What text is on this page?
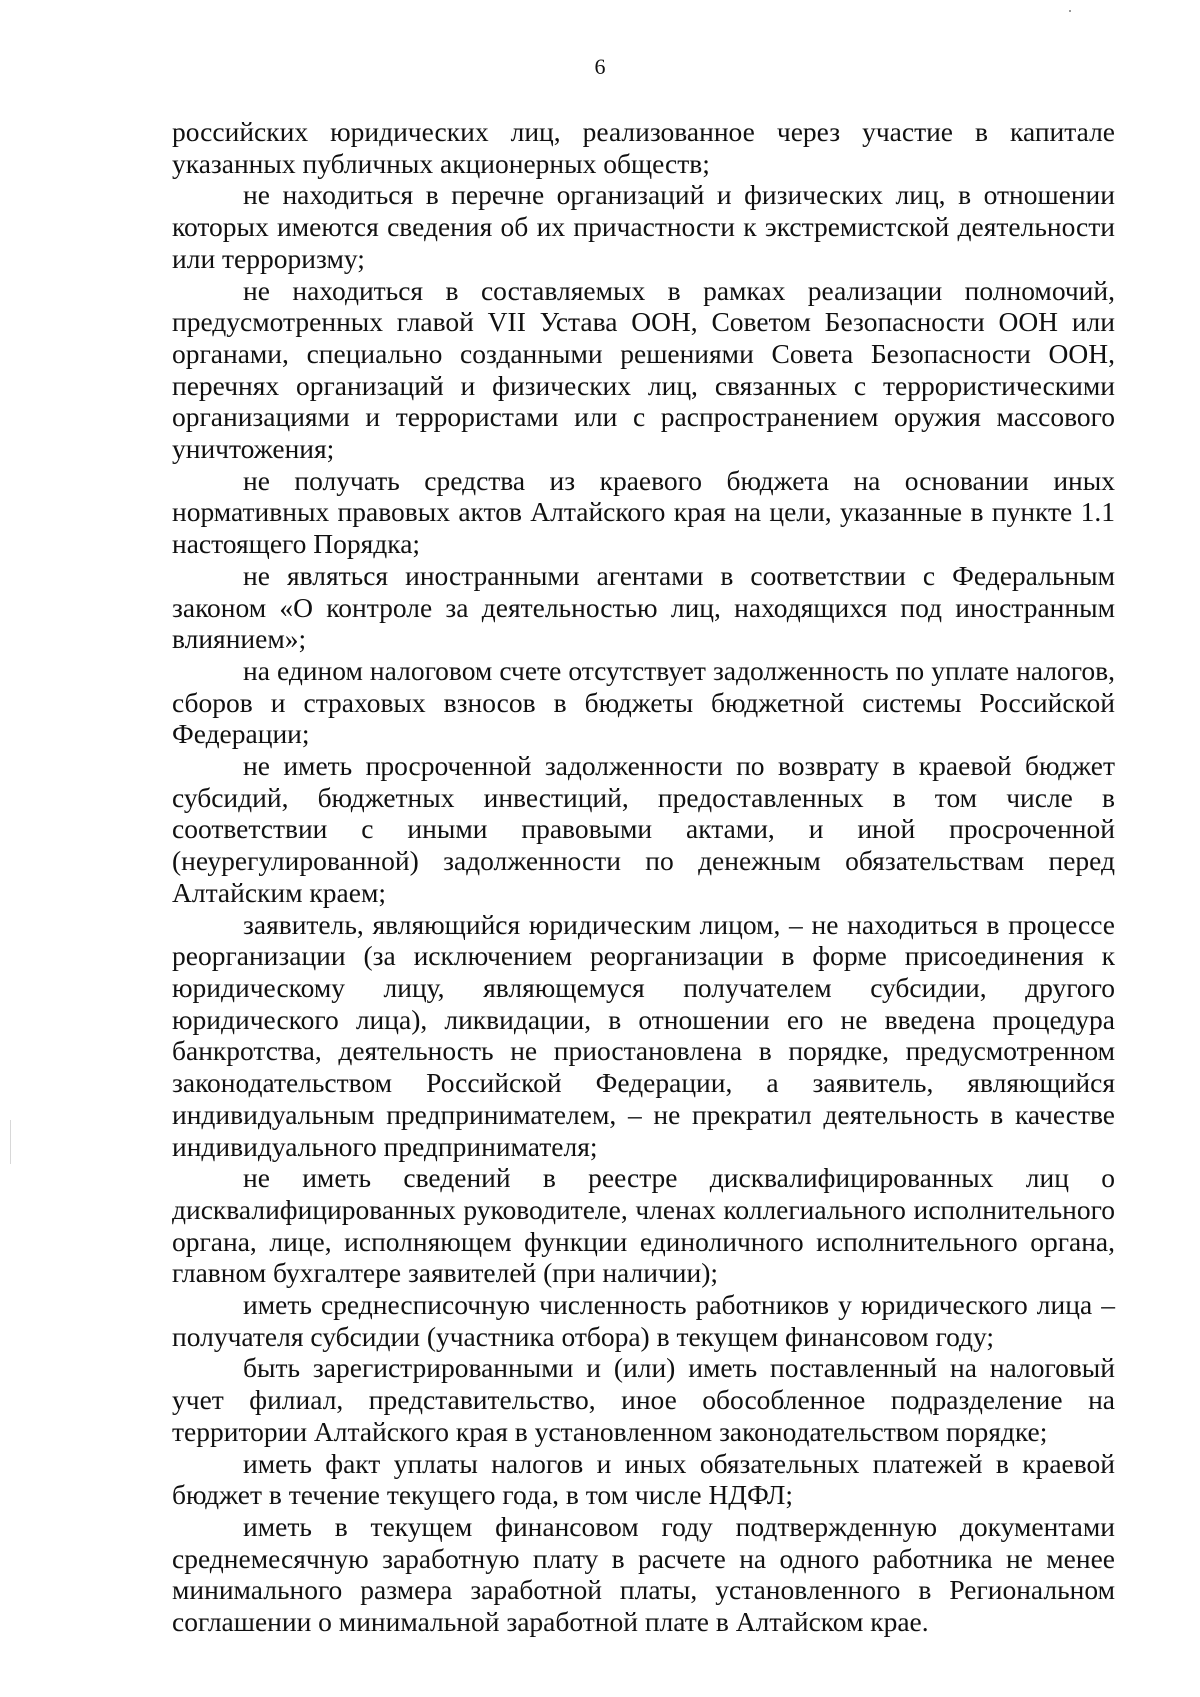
6

российских юридических лиц, реализованное через участие в капитале указанных публичных акционерных обществ;

не находиться в перечне организаций и физических лиц, в отношении которых имеются сведения об их причастности к экстремистской деятельности или терроризму;

не находиться в составляемых в рамках реализации полномочий, предусмотренных главой VII Устава ООН, Советом Безопасности ООН или органами, специально созданными решениями Совета Безопасности ООН, перечнях организаций и физических лиц, связанных с террористическими организациями и террористами или с распространением оружия массового уничтожения;

не получать средства из краевого бюджета на основании иных нормативных правовых актов Алтайского края на цели, указанные в пункте 1.1 настоящего Порядка;

не являться иностранными агентами в соответствии с Федеральным законом «О контроле за деятельностью лиц, находящихся под иностранным влиянием»;

на едином налоговом счете отсутствует задолженность по уплате налогов, сборов и страховых взносов в бюджеты бюджетной системы Российской Федерации;

не иметь просроченной задолженности по возврату в краевой бюджет субсидий, бюджетных инвестиций, предоставленных в том числе в соответствии с иными правовыми актами, и иной просроченной (неурегулированной) задолженности по денежным обязательствам перед Алтайским краем;

заявитель, являющийся юридическим лицом, – не находиться в процессе реорганизации (за исключением реорганизации в форме присоединения к юридическому лицу, являющемуся получателем субсидии, другого юридического лица), ликвидации, в отношении его не введена процедура банкротства, деятельность не приостановлена в порядке, предусмотренном законодательством Российской Федерации, а заявитель, являющийся индивидуальным предпринимателем, – не прекратил деятельность в качестве индивидуального предпринимателя;

не иметь сведений в реестре дисквалифицированных лиц о дисквалифицированных руководителе, членах коллегиального исполнительного органа, лице, исполняющем функции единоличного исполнительного органа, главном бухгалтере заявителей (при наличии);

иметь среднесписочную численность работников у юридического лица – получателя субсидии (участника отбора) в текущем финансовом году;

быть зарегистрированными и (или) иметь поставленный на налоговый учет филиал, представительство, иное обособленное подразделение на территории Алтайского края в установленном законодательством порядке;

иметь факт уплаты налогов и иных обязательных платежей в краевой бюджет в течение текущего года, в том числе НДФЛ;

иметь в текущем финансовом году подтвержденную документами среднемесячную заработную плату в расчете на одного работника не менее минимального размера заработной платы, установленного в Региональном соглашении о минимальной заработной плате в Алтайском крае.
